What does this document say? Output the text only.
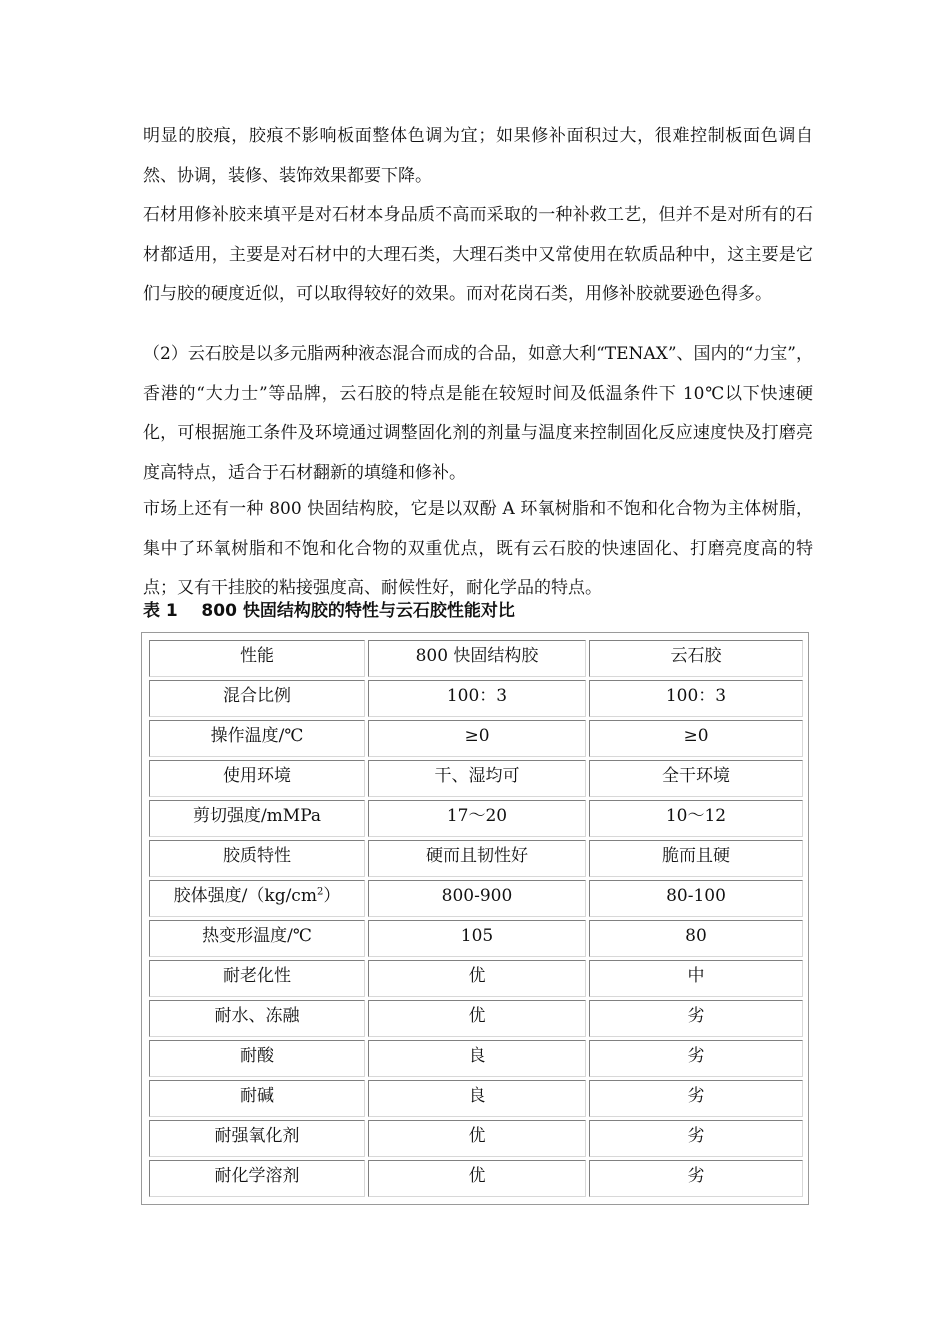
明显的胶痕，胶痕不影响板面整体色调为宜；如果修补面积过大，很难控制板面色调自然、协调，装修、装饰效果都要下降。

石材用修补胶来填平是对石材本身品质不高而采取的一种补救工艺，但并不是对所有的石材都适用，主要是对石材中的大理石类，大理石类中又常使用在软质品种中，这主要是它们与胶的硬度近似，可以取得较好的效果。而对花岗石类，用修补胶就要逊色得多。

（2）云石胶是以多元脂两种液态混合而成的合品，如意大利“TENAX”、国内的“力宝”，香港的“大力士”等品牌，云石胶的特点是能在较短时间及低温条件下 10℃以下快速硬化，可根据施工条件及环境通过调整固化剂的剂量与温度来控制固化反应速度快及打磨亮度高特点，适合于石材翻新的填缝和修补。

市场上还有一种 800 快固结构胶，它是以双酚 A 环氧树脂和不饱和化合物为主体树脂，集中了环氧树脂和不饱和化合物的双重优点，既有云石胶的快速固化、打磨亮度高的特点；又有干挂胶的粘接强度高、耐候性好，耐化学品的特点。

表 1    800 快固结构胶的特性与云石胶性能对比
性能	800 快固结构胶	云石胶
混合比例	100：3	100：3
操作温度/℃	≥0	≥0
使用环境	干、湿均可	全干环境
剪切强度/mMPa	17～20	10～12
胶质特性	硬而且韧性好	脆而且硬
胶体强度$/(kg/cm^2)$	800-900	80-100
热变形温度/℃	105	80
耐老化性	优	中
耐水、冻融	优	劣
耐酸	良	劣
耐碱	良	劣
耐强氧化剂	优	劣
耐化学溶剂	优	劣
